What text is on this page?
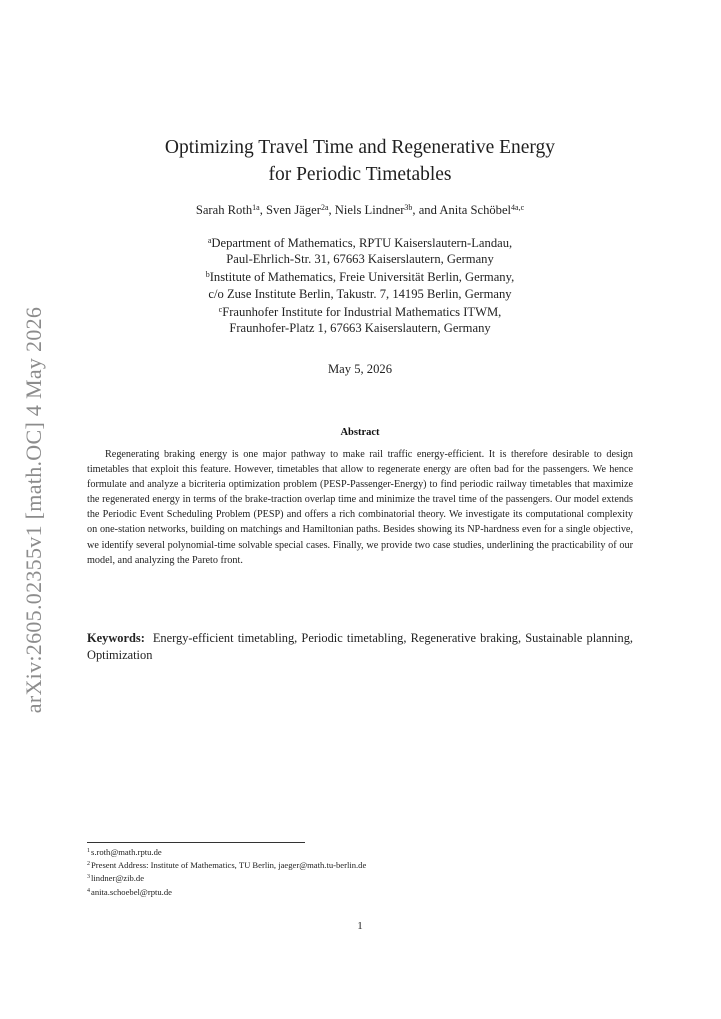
arXiv:2605.02355v1 [math.OC] 4 May 2026
Optimizing Travel Time and Regenerative Energy
for Periodic Timetables
Sarah Roth$^{1a}$, Sven Jäger$^{2a}$, Niels Lindner$^{3b}$, and Anita Schöbel$^{4a,c}$
$^a$Department of Mathematics, RPTU Kaiserslautern-Landau,
Paul-Ehrlich-Str. 31, 67663 Kaiserslautern, Germany
$^b$Institute of Mathematics, Freie Universität Berlin, Germany,
c/o Zuse Institute Berlin, Takustr. 7, 14195 Berlin, Germany
$^c$Fraunhofer Institute for Industrial Mathematics ITWM,
Fraunhofer-Platz 1, 67663 Kaiserslautern, Germany
May 5, 2026
Abstract
Regenerating braking energy is one major pathway to make rail traffic energy-efficient. It is therefore desirable to design timetables that exploit this feature. However, timetables that allow to regenerate energy are often bad for the passengers. We hence formulate and analyze a bicriteria optimization problem (PESP-Passenger-Energy) to find periodic railway timetables that maximize the regenerated energy in terms of the brake-traction overlap time and minimize the travel time of the passengers. Our model extends the Periodic Event Scheduling Problem (PESP) and offers a rich combinatorial theory. We investigate its computational complexity on one-station networks, building on matchings and Hamiltonian paths. Besides showing its NP-hardness even for a single objective, we identify several polynomial-time solvable special cases. Finally, we provide two case studies, underlining the practicability of our model, and analyzing the Pareto front.
Keywords: Energy-efficient timetabling, Periodic timetabling, Regenerative braking, Sustainable planning, Optimization
$^1$s.roth@math.rptu.de
$^2$Present Address: Institute of Mathematics, TU Berlin, jaeger@math.tu-berlin.de
$^3$lindner@zib.de
$^4$anita.schoebel@rptu.de
1
